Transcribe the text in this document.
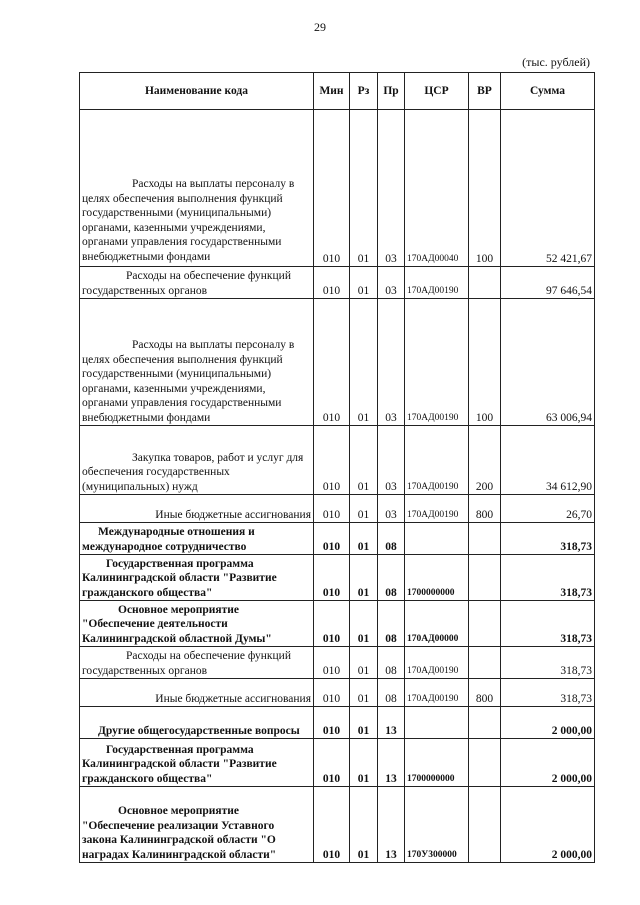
29
(тыс. рублей)
Наименование кода	Мин	Рз	Пр	ЦСР	ВР	Сумма

Расходы на выплаты персоналу в целях обеспечения выполнения функций государственными (муниципальными) органами, казенными учреждениями, органами управления государственными внебюджетными фондами	010	01	03	170АД00040	100	52 421,67

Расходы на обеспечение функций государственных органов	010	01	03	170АД00190		97 646,54

Расходы на выплаты персоналу в целях обеспечения выполнения функций государственными (муниципальными) органами, казенными учреждениями, органами управления государственными внебюджетными фондами	010	01	03	170АД00190	100	63 006,94

Закупка товаров, работ и услуг для обеспечения государственных (муниципальных) нужд	010	01	03	170АД00190	200	34 612,90
Иные бюджетные ассигнования	010	01	03	170АД00190	800	26,70

Международные отношения и международное сотрудничество	010	01	08			318,73

Государственная программа Калининградской области "Развитие гражданского общества"	010	01	08	1700000000		318,73

Основное мероприятие "Обеспечение деятельности Калининградской областной Думы"	010	01	08	170АД00000		318,73

Расходы на обеспечение функций государственных органов	010	01	08	170АД00190		318,73
Иные бюджетные ассигнования	010	01	08	170АД00190	800	318,73

Другие общегосударственные вопросы	010	01	13			2 000,00

Государственная программа Калининградской области "Развитие гражданского общества"	010	01	13	1700000000		2 000,00

Основное мероприятие "Обеспечение реализации Уставного закона Калининградской области "О наградах Калининградской области"	010	01	13	170У300000		2 000,00
